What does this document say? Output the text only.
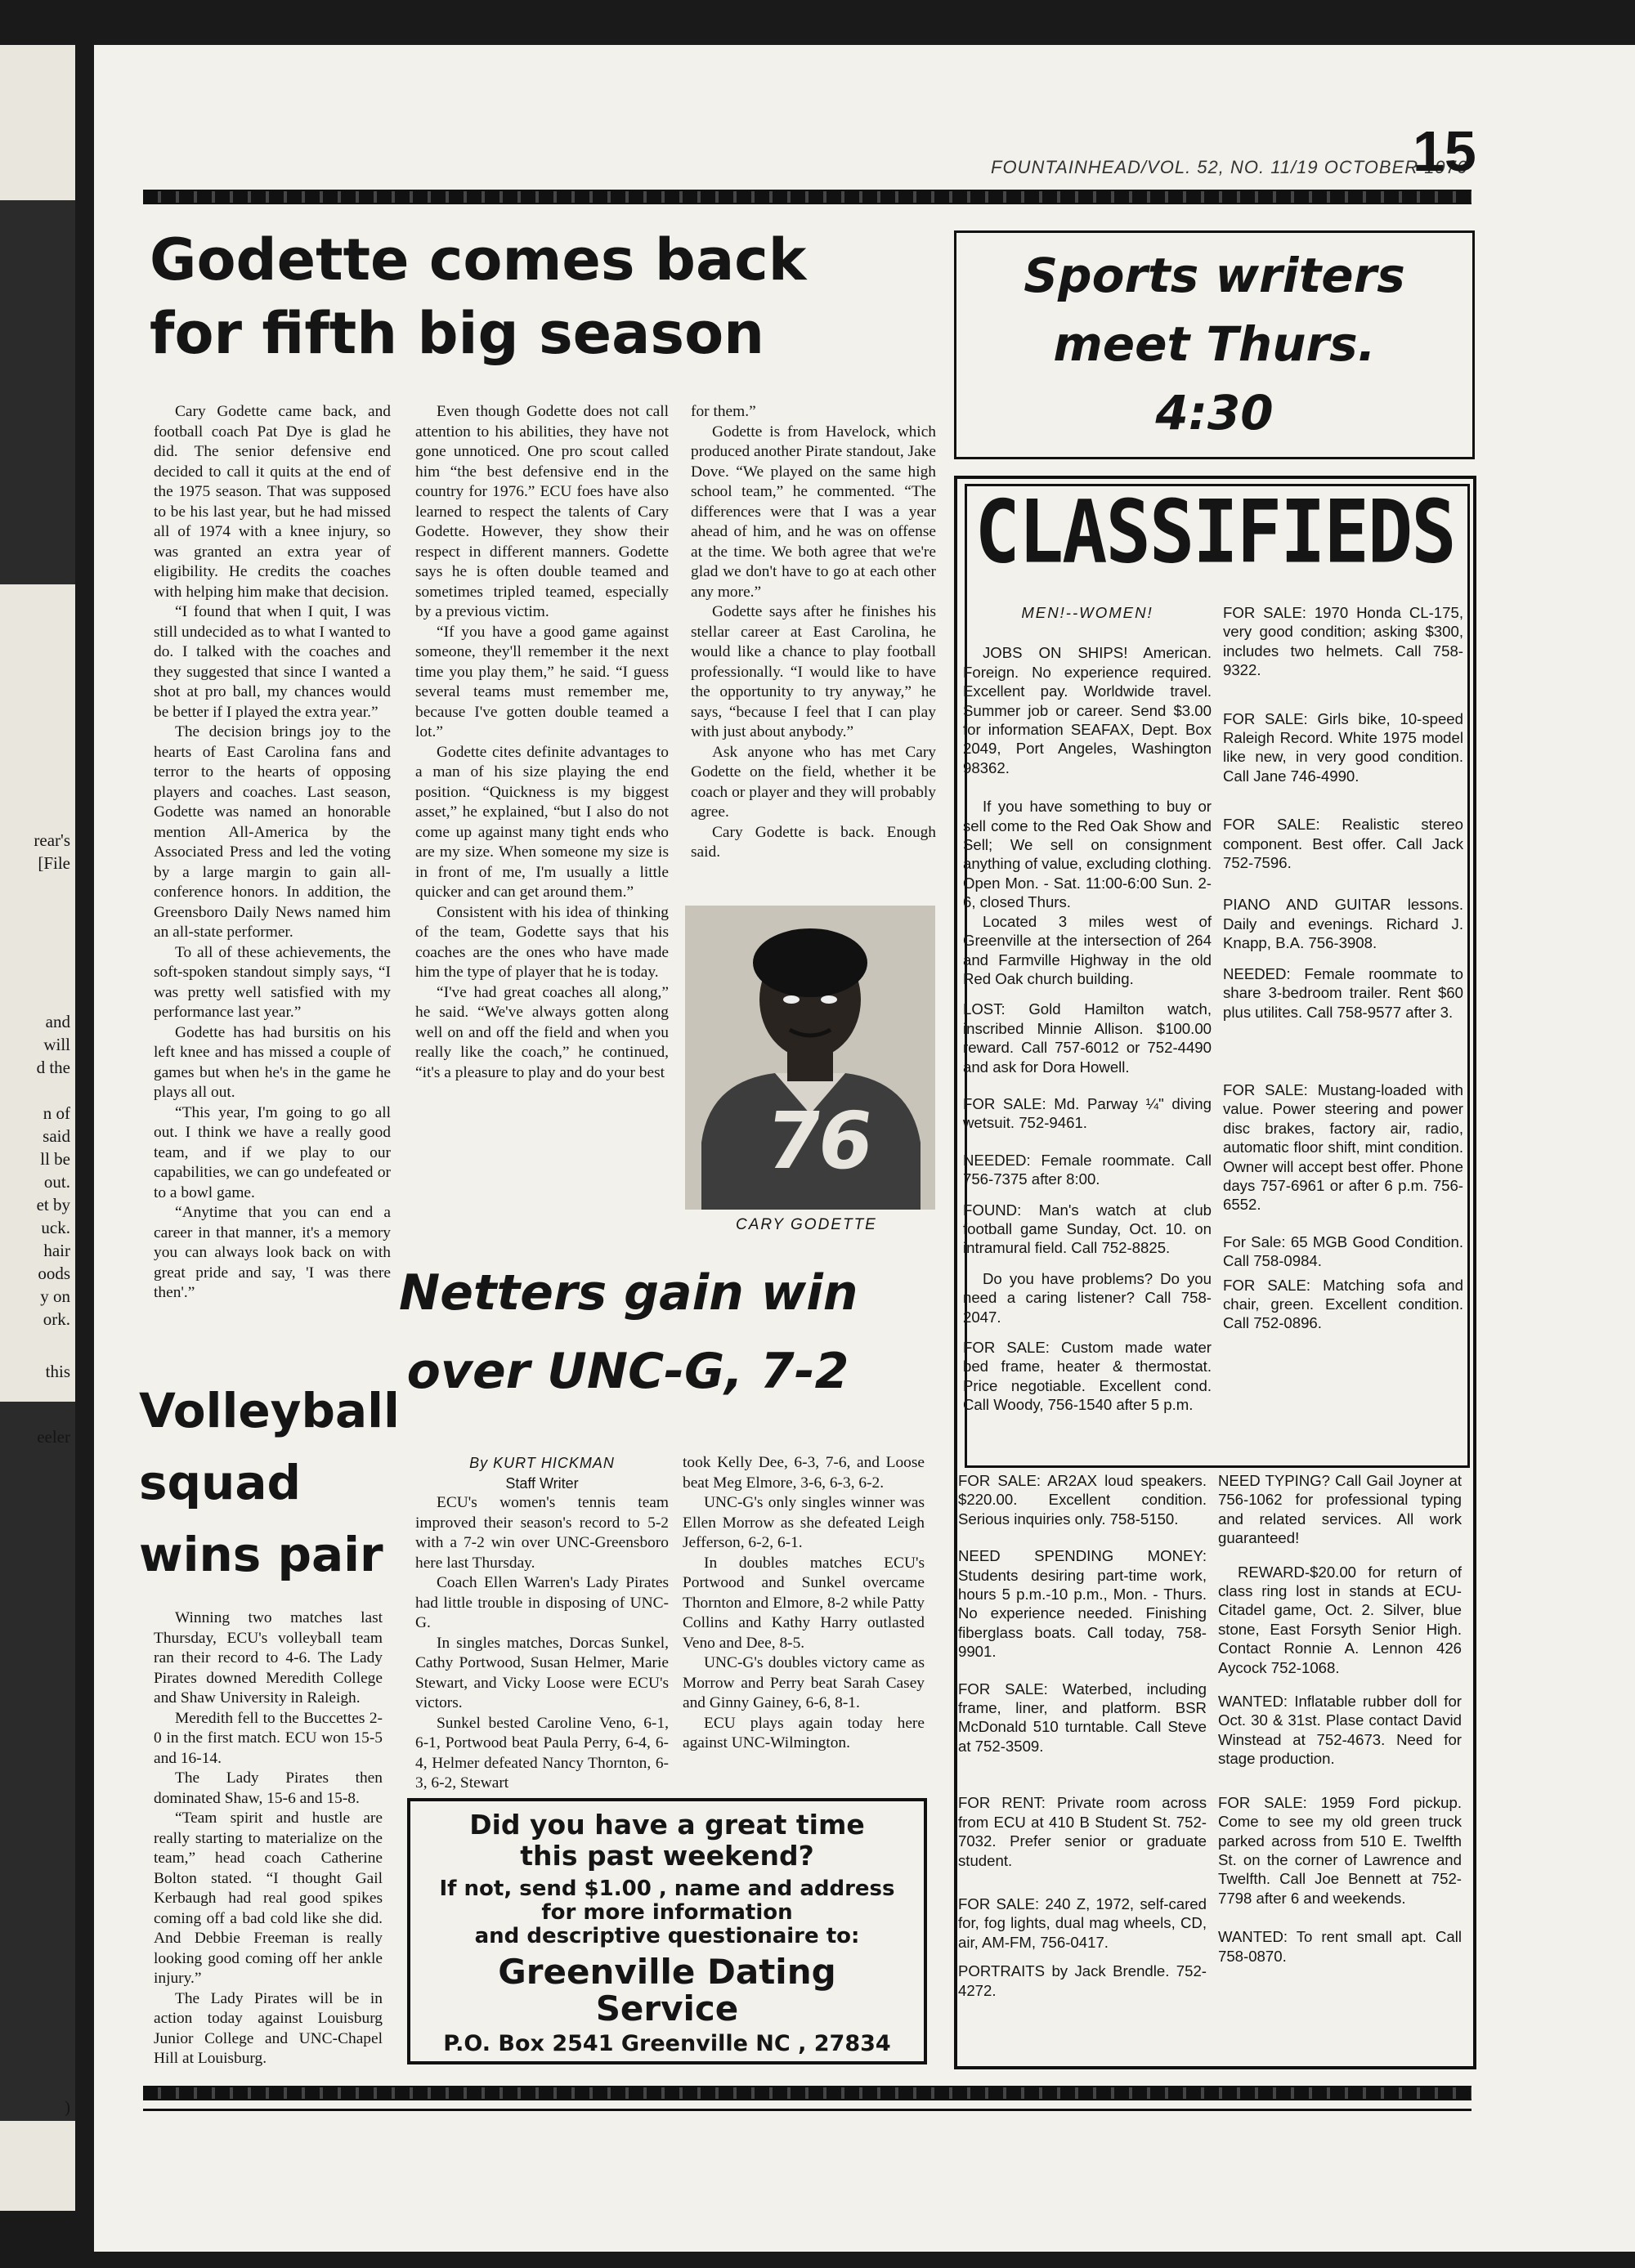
rear's
[File
and
will
d the
n of
said
ll be
out.
et by
uck.
hair
oods
y on
ork.
this
eeler
)
FOUNTAINHEAD/VOL. 52, NO. 11/19 OCTOBER 1976
15
Godette comes back
for fifth big season

Cary Godette came back, and football coach Pat Dye is glad he did. The senior defensive end decided to call it quits at the end of the 1975 season. That was supposed to be his last year, but he had missed all of 1974 with a knee injury, so was granted an extra year of eligibility. He credits the coaches with helping him make that decision.

“I found that when I quit, I was still undecided as to what I wanted to do. I talked with the coaches and they suggested that since I wanted a shot at pro ball, my chances would be better if I played the extra year.”

The decision brings joy to the hearts of East Carolina fans and terror to the hearts of opposing players and coaches. Last season, Godette was named an honorable mention All-America by the Associated Press and led the voting by a large margin to gain all-conference honors. In addition, the Greensboro Daily News named him an all-state performer.

To all of these achievements, the soft-spoken standout simply says, “I was pretty well satisfied with my performance last year.”

Godette has had bursitis on his left knee and has missed a couple of games but when he's in the game he plays all out.

“This year, I'm going to go all out. I think we have a really good team, and if we play to our capabilities, we can go undefeated or to a bowl game.

“Anytime that you can end a career in that manner, it's a memory you can always look back on with great pride and say, 'I was there then'.”

Even though Godette does not call attention to his abilities, they have not gone unnoticed. One pro scout called him “the best defensive end in the country for 1976.” ECU foes have also learned to respect the talents of Cary Godette. However, they show their respect in different manners. Godette says he is often double teamed and sometimes tripled teamed, especially by a previous victim.

“If you have a good game against someone, they'll remember it the next time you play them,” he said. “I guess several teams must remember me, because I've gotten double teamed a lot.”

Godette cites definite advantages to a man of his size playing the end position. “Quickness is my biggest asset,” he explained, “but I also do not come up against many tight ends who are my size. When someone my size is in front of me, I'm usually a little quicker and can get around them.”

Consistent with his idea of thinking of the team, Godette says that his coaches are the ones who have made him the type of player that he is today.

“I've had great coaches all along,” he said. “We've always gotten along well on and off the field and when you really like the coach,” he continued, “it's a pleasure to play and do your best

for them.”

Godette is from Havelock, which produced another Pirate standout, Jake Dove. “We played on the same high school team,” he commented. “The differences were that I was a year ahead of him, and he was on offense at the time. We both agree that we're glad we don't have to go at each other any more.”

Godette says after he finishes his stellar career at East Carolina, he would like a chance to play football professionally. “I would like to have the opportunity to try anyway,” he says, “because I feel that I can play with just about anybody.”

Ask anyone who has met Cary Godette on the field, whether it be coach or player and they will probably agree.

Cary Godette is back. Enough said.

76
CARY GODETTE
Sports writers
meet Thurs.
4:30
CLASSIFIEDS

MEN!--WOMEN!

JOBS ON SHIPS! American. Foreign. No experience required. Excellent pay. Worldwide travel. Summer job or career. Send $3.00 for information SEAFAX, Dept. Box 2049, Port Angeles, Washington 98362.

If you have something to buy or sell come to the Red Oak Show and Sell; We sell on consignment anything of value, excluding clothing. Open Mon. - Sat. 11:00-6:00 Sun. 2-6, closed Thurs.

Located 3 miles west of Greenville at the intersection of 264 and Farmville Highway in the old Red Oak church building.

LOST: Gold Hamilton watch, inscribed Minnie Allison. $100.00 reward. Call 757-6012 or 752-4490 and ask for Dora Howell.

FOR SALE: Md. Parway ¼" diving wetsuit. 752-9461.

NEEDED: Female roommate. Call 756-7375 after 8:00.

FOUND: Man's watch at club football game Sunday, Oct. 10. on intramural field. Call 752-8825.

Do you have problems? Do you need a caring listener? Call 758-2047.

FOR SALE: Custom made water bed frame, heater & thermostat. Price negotiable. Excellent cond. Call Woody, 756-1540 after 5 p.m.

FOR SALE: 1970 Honda CL-175, very good condition; asking $300, includes two helmets. Call 758-9322.

FOR SALE: Girls bike, 10-speed Raleigh Record. White 1975 model like new, in very good condition. Call Jane 746-4990.

FOR SALE: Realistic stereo component. Best offer. Call Jack 752-7596.

PIANO AND GUITAR lessons. Daily and evenings. Richard J. Knapp, B.A. 756-3908.

NEEDED: Female roommate to share 3-bedroom trailer. Rent $60 plus utilites. Call 758-9577 after 3.

FOR SALE: Mustang-loaded with value. Power steering and power disc brakes, factory air, radio, automatic floor shift, mint condition. Owner will accept best offer. Phone days 757-6961 or after 6 p.m. 756-6552.

For Sale: 65 MGB Good Condition. Call 758-0984.

FOR SALE: Matching sofa and chair, green. Excellent condition. Call 752-0896.

FOR SALE: AR2AX loud speakers. $220.00. Excellent condition. Serious inquiries only. 758-5150.

NEED SPENDING MONEY: Students desiring part-time work, hours 5 p.m.-10 p.m., Mon. - Thurs. No experience needed. Finishing fiberglass boats. Call today, 758-9901.

FOR SALE: Waterbed, including frame, liner, and platform. BSR McDonald 510 turntable. Call Steve at 752-3509.

FOR RENT: Private room across from ECU at 410 B Student St. 752-7032. Prefer senior or graduate student.

FOR SALE: 240 Z, 1972, self-cared for, fog lights, dual mag wheels, CD, air, AM-FM, 756-0417.

PORTRAITS by Jack Brendle. 752-4272.

NEED TYPING? Call Gail Joyner at 756-1062 for professional typing and related services. All work guaranteed!

REWARD-$20.00 for return of class ring lost in stands at ECU-Citadel game, Oct. 2. Silver, blue stone, East Forsyth Senior High. Contact Ronnie A. Lennon 426 Aycock 752-1068.

WANTED: Inflatable rubber doll for Oct. 30 & 31st. Plase contact David Winstead at 752-4673. Need for stage production.

FOR SALE: 1959 Ford pickup. Come to see my old green truck parked across from 510 E. Twelfth St. on the corner of Lawrence and Twelfth. Call Joe Bennett at 752-7798 after 6 and weekends.

WANTED: To rent small apt. Call 758-0870.

Netters gain win
over UNC-G, 7-2

By KURT HICKMAN

Staff Writer

ECU's women's tennis team improved their season's record to 5-2 with a 7-2 win over UNC-Greensboro here last Thursday.

Coach Ellen Warren's Lady Pirates had little trouble in disposing of UNC-G.

In singles matches, Dorcas Sunkel, Cathy Portwood, Susan Helmer, Marie Stewart, and Vicky Loose were ECU's victors.

Sunkel bested Caroline Veno, 6-1, 6-1, Portwood beat Paula Perry, 6-4, 6-4, Helmer defeated Nancy Thornton, 6-3, 6-2, Stewart

took Kelly Dee, 6-3, 7-6, and Loose beat Meg Elmore, 3-6, 6-3, 6-2.

UNC-G's only singles winner was Ellen Morrow as she defeated Leigh Jefferson, 6-2, 6-1.

In doubles matches ECU's Portwood and Sunkel overcame Thornton and Elmore, 8-2 while Patty Collins and Kathy Harry outlasted Veno and Dee, 8-5.

UNC-G's doubles victory came as Morrow and Perry beat Sarah Casey and Ginny Gainey, 6-6, 8-1.

ECU plays again today here against UNC-Wilmington.

Volleyball
squad
wins pair

Winning two matches last Thursday, ECU's volleyball team ran their record to 4-6. The Lady Pirates downed Meredith College and Shaw University in Raleigh.

Meredith fell to the Buccettes 2-0 in the first match. ECU won 15-5 and 16-14.

The Lady Pirates then dominated Shaw, 15-6 and 15-8.

“Team spirit and hustle are really starting to materialize on the team,” head coach Catherine Bolton stated. “I thought Gail Kerbaugh had real good spikes coming off a bad cold like she did. And Debbie Freeman is really looking good coming off her ankle injury.”

The Lady Pirates will be in action today against Louisburg Junior College and UNC-Chapel Hill at Louisburg.

Did you have a great time
this past weekend?
If not, send $1.00 , name and address
for more information
and descriptive questionaire to:
Greenville Dating
Service
P.O. Box 2541 Greenville NC , 27834
